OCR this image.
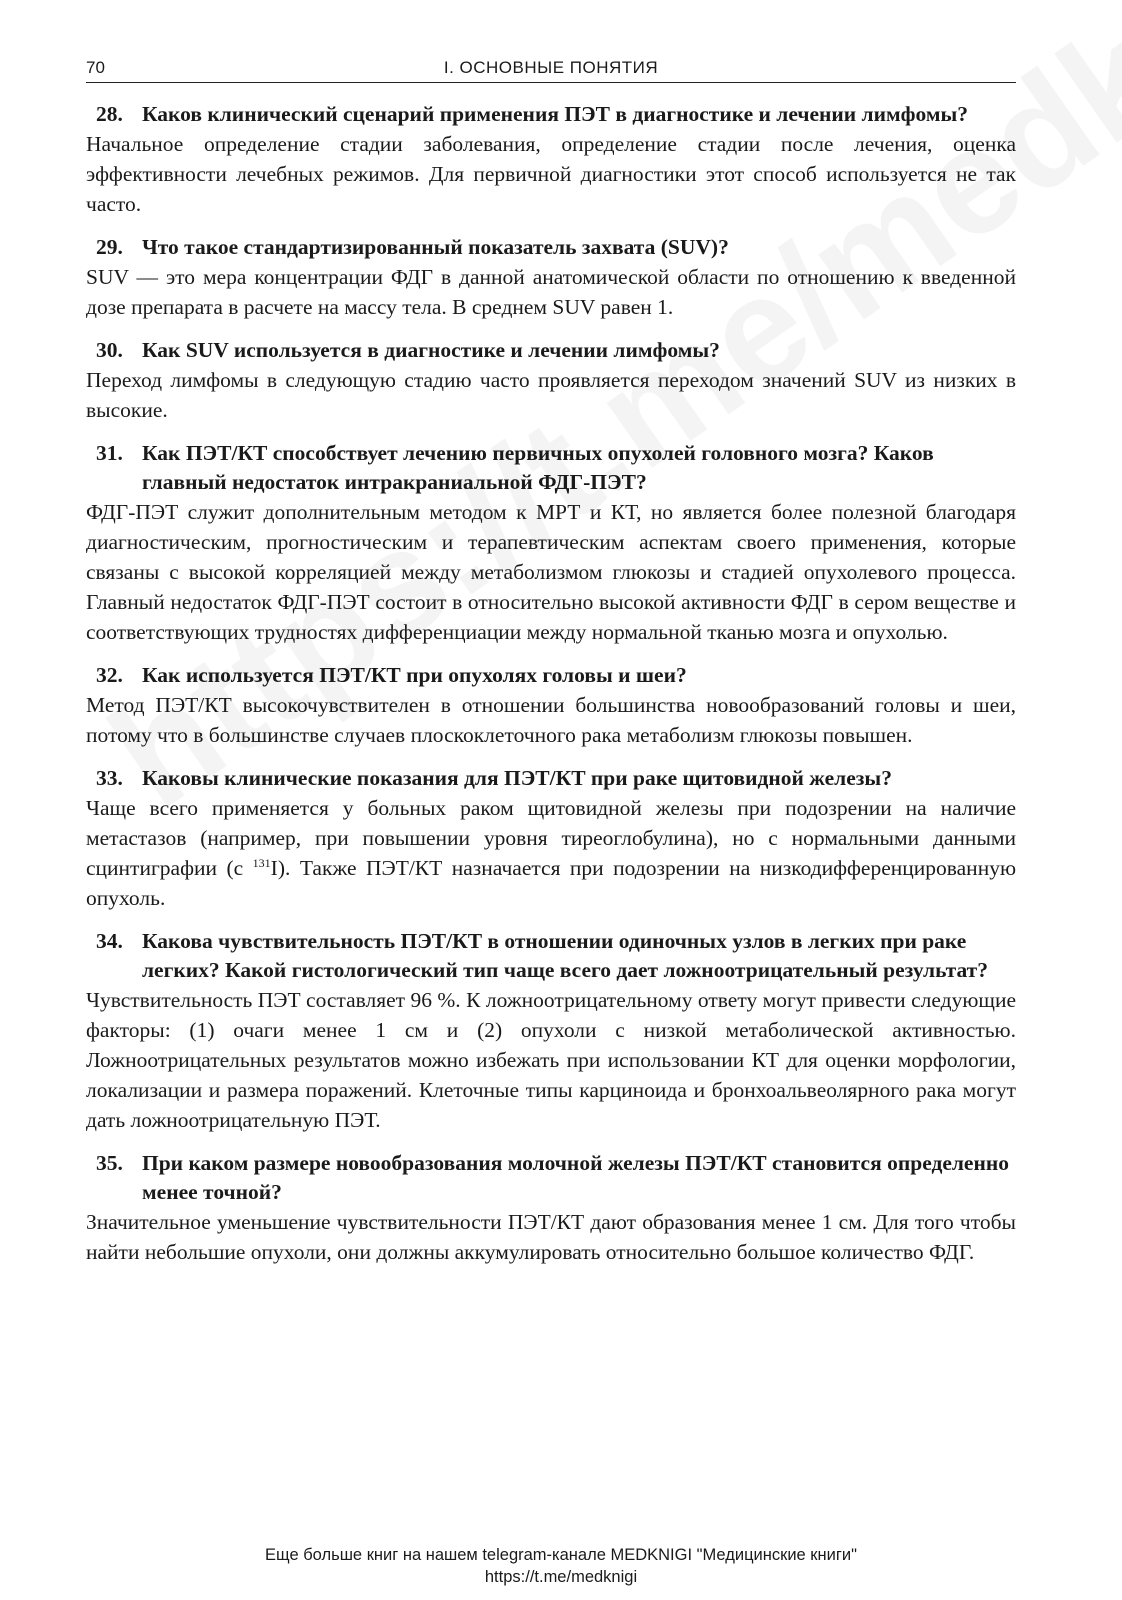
70	I. ОСНОВНЫЕ ПОНЯТИЯ

28. Каков клинический сценарий применения ПЭТ в диагностике и лечении лимфомы?

Начальное определение стадии заболевания, определение стадии после лечения, оценка эффективности лечебных режимов. Для первичной диагностики этот способ используется не так часто.

29. Что такое стандартизированный показатель захвата (SUV)?

SUV — это мера концентрации ФДГ в данной анатомической области по отношению к введенной дозе препарата в расчете на массу тела. В среднем SUV равен 1.

30. Как SUV используется в диагностике и лечении лимфомы?

Переход лимфомы в следующую стадию часто проявляется переходом значений SUV из низких в высокие.

31. Как ПЭТ/КТ способствует лечению первичных опухолей головного мозга? Каков главный недостаток интракраниальной ФДГ-ПЭТ?

ФДГ-ПЭТ служит дополнительным методом к МРТ и КТ, но является более полезной благодаря диагностическим, прогностическим и терапевтическим аспектам своего применения, которые связаны с высокой корреляцией между метаболизмом глюкозы и стадией опухолевого процесса. Главный недостаток ФДГ-ПЭТ состоит в относительно высокой активности ФДГ в сером веществе и соответствующих трудностях дифференциации между нормальной тканью мозга и опухолью.

32. Как используется ПЭТ/КТ при опухолях головы и шеи?

Метод ПЭТ/КТ высокочувствителен в отношении большинства новообразований головы и шеи, потому что в большинстве случаев плоскоклеточного рака метаболизм глюкозы повышен.

33. Каковы клинические показания для ПЭТ/КТ при раке щитовидной железы?

Чаще всего применяется у больных раком щитовидной железы при подозрении на наличие метастазов (например, при повышении уровня тиреоглобулина), но с нормальными данными сцинтиграфии (с $^{131}$I). Также ПЭТ/КТ назначается при подозрении на низкодифференцированную опухоль.

34. Какова чувствительность ПЭТ/КТ в отношении одиночных узлов в легких при раке легких? Какой гистологический тип чаще всего дает ложноотрицательный результат?

Чувствительность ПЭТ составляет 96 %. К ложноотрицательному ответу могут привести следующие факторы: (1) очаги менее 1 см и (2) опухоли с низкой метаболической активностью. Ложноотрицательных результатов можно избежать при использовании КТ для оценки морфологии, локализации и размера поражений. Клеточные типы карциноида и бронхоальвеолярного рака могут дать ложноотрицательную ПЭТ.

35. При каком размере новообразования молочной железы ПЭТ/КТ становится определенно менее точной?

Значительное уменьшение чувствительности ПЭТ/КТ дают образования менее 1 см. Для того чтобы найти небольшие опухоли, они должны аккумулировать относительно большое количество ФДГ.

Еще больше книг на нашем telegram-канале MEDKNIGI "Медицинские книги"
https://t.me/medknigi
